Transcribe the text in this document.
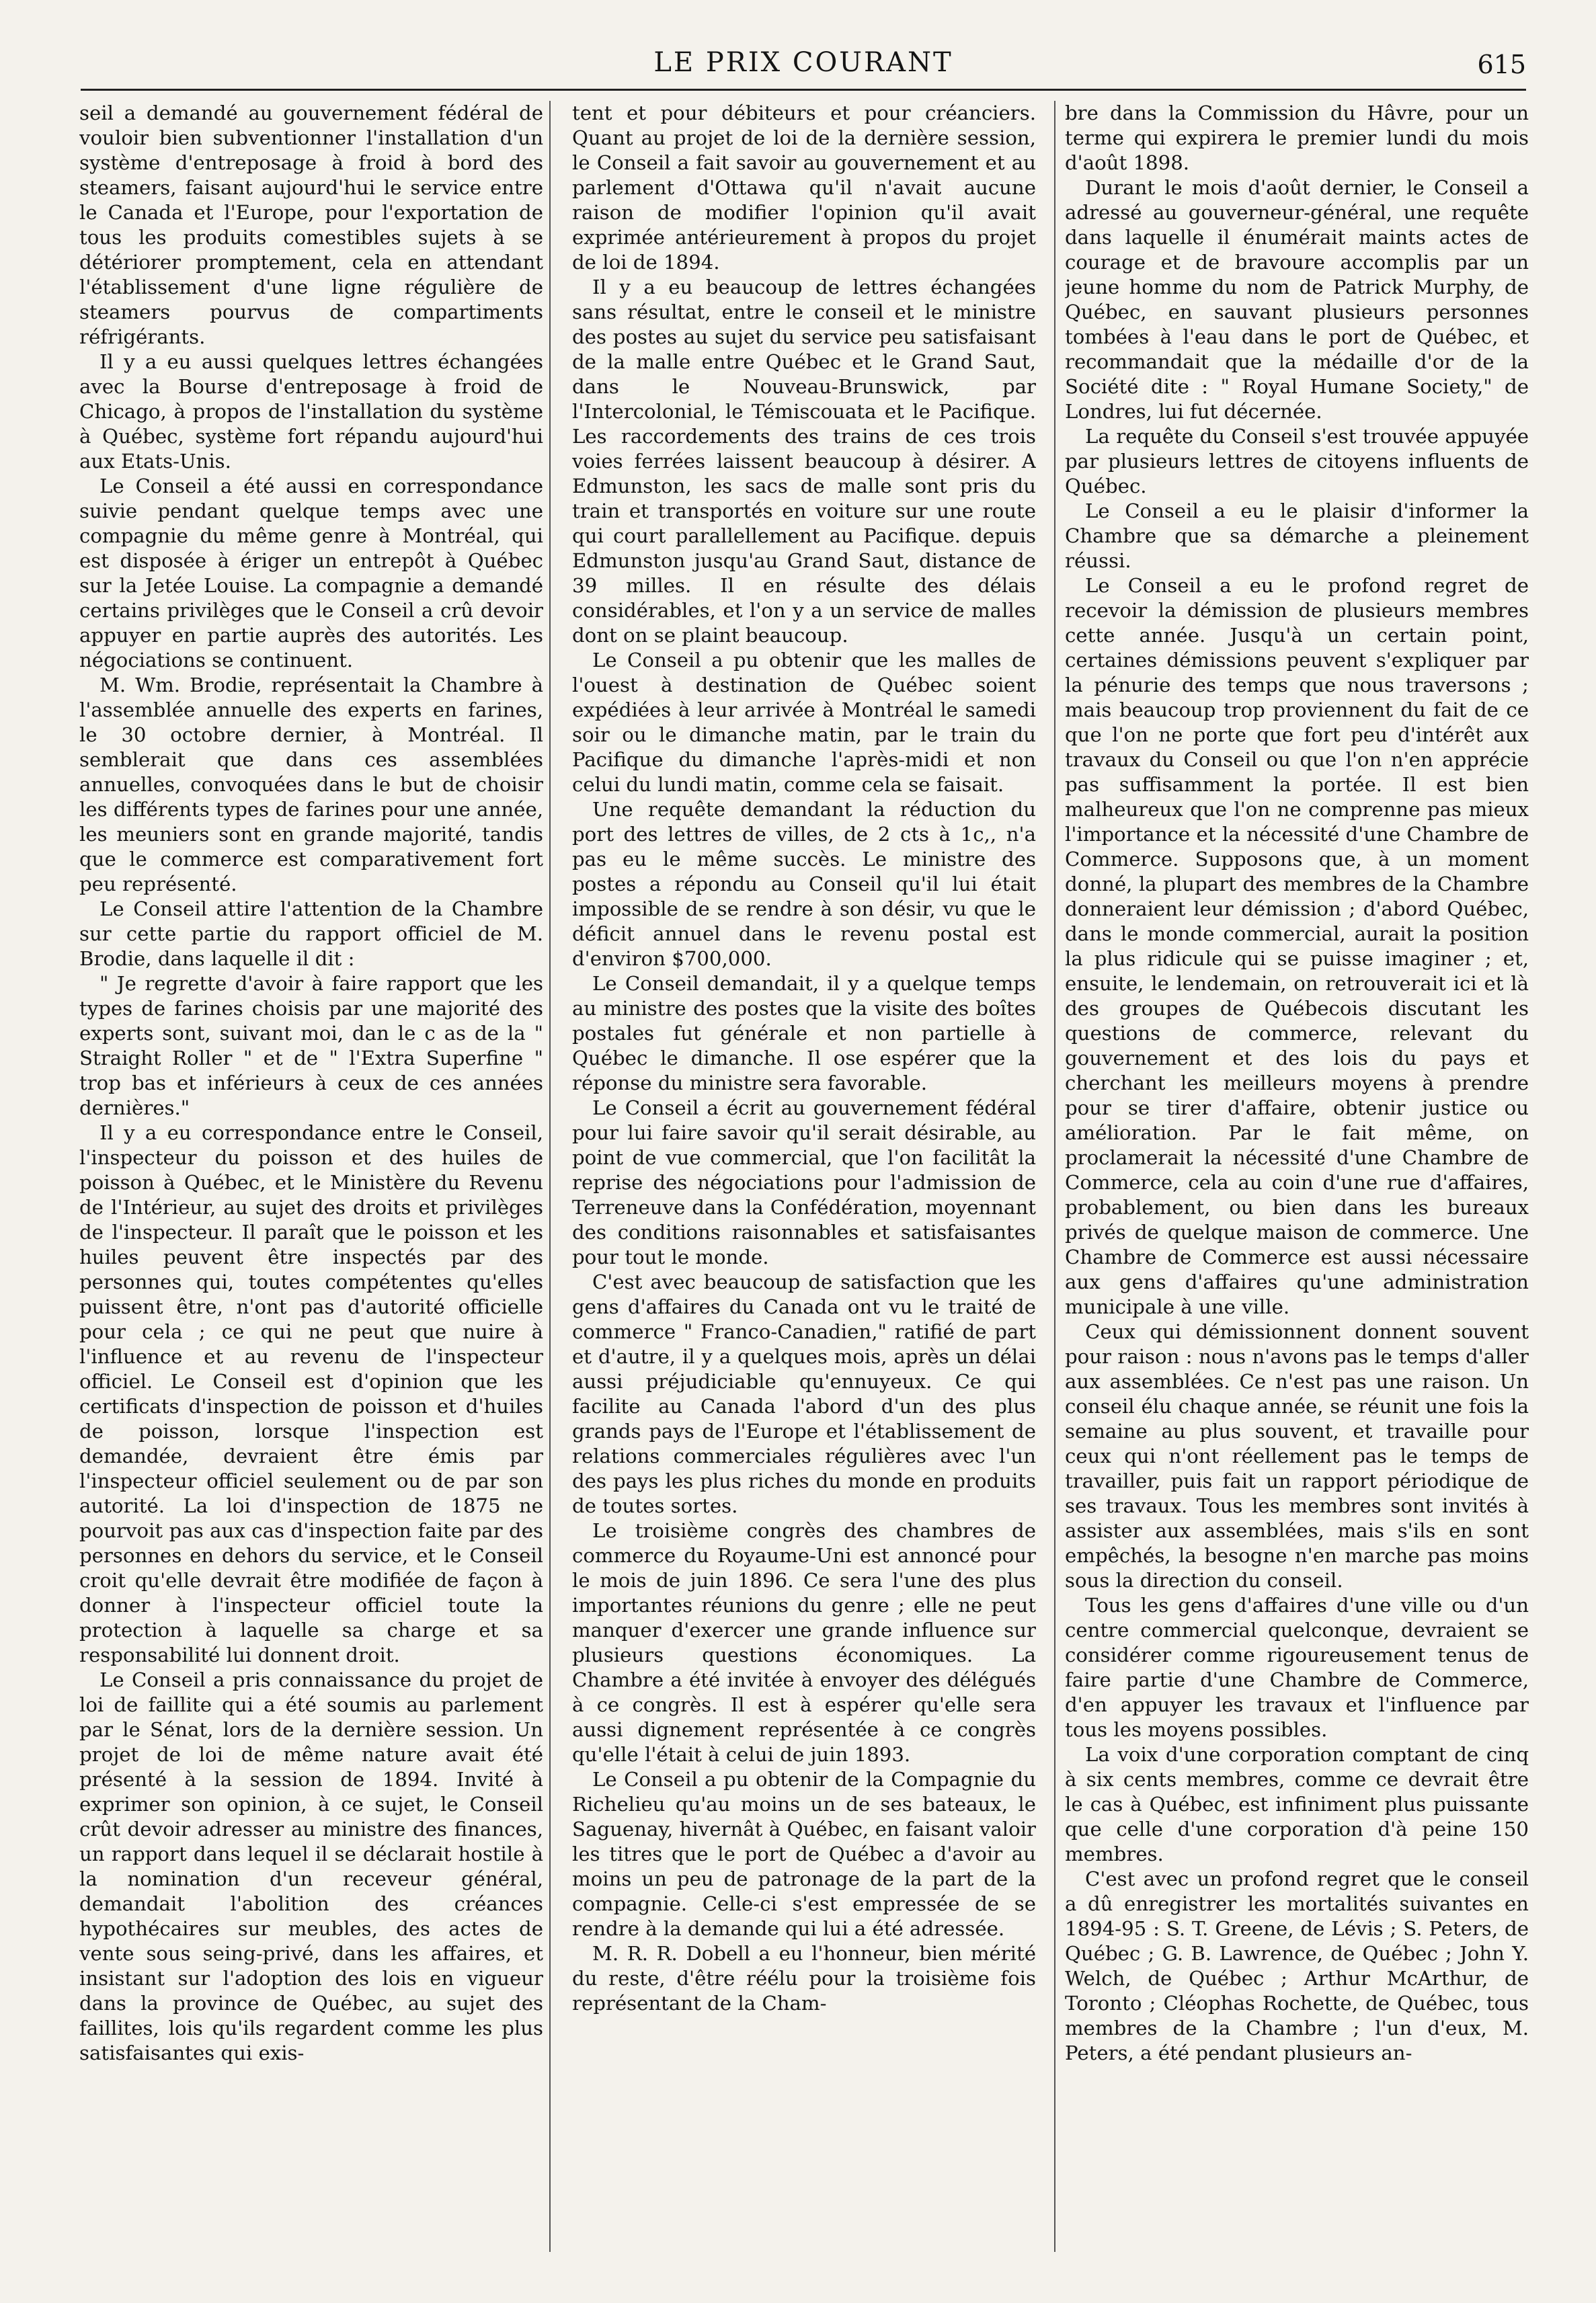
LE PRIX COURANT	615

seil a demandé au gouvernement fédéral de vouloir bien subventionner l'installation d'un système d'entreposage à froid à bord des steamers, faisant aujourd'hui le service entre le Canada et l'Europe, pour l'exportation de tous les produits comestibles sujets à se détériorer promptement, cela en attendant l'établissement d'une ligne régulière de steamers pourvus de compartiments réfrigérants.

Il y a eu aussi quelques lettres échangées avec la Bourse d'entreposage à froid de Chicago, à propos de l'installation du système à Québec, système fort répandu aujourd'hui aux Etats-Unis.

Le Conseil a été aussi en correspondance suivie pendant quelque temps avec une compagnie du même genre à Montréal, qui est disposée à ériger un entrepôt à Québec sur la Jetée Louise. La compagnie a demandé certains privilèges que le Conseil a crû devoir appuyer en partie auprès des autorités. Les négociations se continuent.

M. Wm. Brodie, représentait la Chambre à l'assemblée annuelle des experts en farines, le 30 octobre dernier, à Montréal. Il semblerait que dans ces assemblées annuelles, convoquées dans le but de choisir les différents types de farines pour une année, les meuniers sont en grande majorité, tandis que le commerce est comparativement fort peu représenté.

Le Conseil attire l'attention de la Chambre sur cette partie du rapport officiel de M. Brodie, dans laquelle il dit :

" Je regrette d'avoir à faire rapport que les types de farines choisis par une majorité des experts sont, suivant moi, dan le c as de la " Straight Roller " et de " l'Extra Superfine " trop bas et inférieurs à ceux de ces années dernières."

Il y a eu correspondance entre le Conseil, l'inspecteur du poisson et des huiles de poisson à Québec, et le Ministère du Revenu de l'Intérieur, au sujet des droits et privilèges de l'inspecteur. Il paraît que le poisson et les huiles peuvent être inspectés par des personnes qui, toutes compétentes qu'elles puissent être, n'ont pas d'autorité officielle pour cela ; ce qui ne peut que nuire à l'influence et au revenu de l'inspecteur officiel. Le Conseil est d'opinion que les certificats d'inspection de poisson et d'huiles de poisson, lorsque l'inspection est demandée, devraient être émis par l'inspecteur officiel seulement ou de par son autorité. La loi d'inspection de 1875 ne pourvoit pas aux cas d'inspection faite par des personnes en dehors du service, et le Conseil croit qu'elle devrait être modifiée de façon à donner à l'inspecteur officiel toute la protection à laquelle sa charge et sa responsabilité lui donnent droit.

Le Conseil a pris connaissance du projet de loi de faillite qui a été soumis au parlement par le Sénat, lors de la dernière session. Un projet de loi de même nature avait été présenté à la session de 1894. Invité à exprimer son opinion, à ce sujet, le Conseil crût devoir adresser au ministre des finances, un rapport dans lequel il se déclarait hostile à la nomination d'un receveur général, demandait l'abolition des créances hypothécaires sur meubles, des actes de vente sous seing-privé, dans les affaires, et insistant sur l'adoption des lois en vigueur dans la province de Québec, au sujet des faillites, lois qu'ils regardent comme les plus satisfaisantes qui exis-

tent et pour débiteurs et pour créanciers. Quant au projet de loi de la dernière session, le Conseil a fait savoir au gouvernement et au parlement d'Ottawa qu'il n'avait aucune raison de modifier l'opinion qu'il avait exprimée antérieurement à propos du projet de loi de 1894.

Il y a eu beaucoup de lettres échangées sans résultat, entre le conseil et le ministre des postes au sujet du service peu satisfaisant de la malle entre Québec et le Grand Saut, dans le Nouveau-Brunswick, par l'Intercolonial, le Témiscouata et le Pacifique. Les raccordements des trains de ces trois voies ferrées laissent beaucoup à désirer. A Edmunston, les sacs de malle sont pris du train et transportés en voiture sur une route qui court parallellement au Pacifique. depuis Edmunston jusqu'au Grand Saut, distance de 39 milles. Il en résulte des délais considérables, et l'on y a un service de malles dont on se plaint beaucoup.

Le Conseil a pu obtenir que les malles de l'ouest à destination de Québec soient expédiées à leur arrivée à Montréal le samedi soir ou le dimanche matin, par le train du Pacifique du dimanche l'après-midi et non celui du lundi matin, comme cela se faisait.

Une requête demandant la réduction du port des lettres de villes, de 2 cts à 1c,, n'a pas eu le même succès. Le ministre des postes a répondu au Conseil qu'il lui était impossible de se rendre à son désir, vu que le déficit annuel dans le revenu postal est d'environ $700,000.

Le Conseil demandait, il y a quelque temps au ministre des postes que la visite des boîtes postales fut générale et non partielle à Québec le dimanche. Il ose espérer que la réponse du ministre sera favorable.

Le Conseil a écrit au gouvernement fédéral pour lui faire savoir qu'il serait désirable, au point de vue commercial, que l'on facilitât la reprise des négociations pour l'admission de Terreneuve dans la Confédération, moyennant des conditions raisonnables et satisfaisantes pour tout le monde.

C'est avec beaucoup de satisfaction que les gens d'affaires du Canada ont vu le traité de commerce " Franco-Canadien," ratifié de part et d'autre, il y a quelques mois, après un délai aussi préjudiciable qu'ennuyeux. Ce qui facilite au Canada l'abord d'un des plus grands pays de l'Europe et l'établissement de relations commerciales régulières avec l'un des pays les plus riches du monde en produits de toutes sortes.

Le troisième congrès des chambres de commerce du Royaume-Uni est annoncé pour le mois de juin 1896. Ce sera l'une des plus importantes réunions du genre ; elle ne peut manquer d'exercer une grande influence sur plusieurs questions économiques. La Chambre a été invitée à envoyer des délégués à ce congrès. Il est à espérer qu'elle sera aussi dignement représentée à ce congrès qu'elle l'était à celui de juin 1893.

Le Conseil a pu obtenir de la Compagnie du Richelieu qu'au moins un de ses bateaux, le Saguenay, hivernât à Québec, en faisant valoir les titres que le port de Québec a d'avoir au moins un peu de patronage de la part de la compagnie. Celle-ci s'est empressée de se rendre à la demande qui lui a été adressée.

M. R. R. Dobell a eu l'honneur, bien mérité du reste, d'être réélu pour la troisième fois représentant de la Cham-

bre dans la Commission du Hâvre, pour un terme qui expirera le premier lundi du mois d'août 1898.

Durant le mois d'août dernier, le Conseil a adressé au gouverneur-général, une requête dans laquelle il énumérait maints actes de courage et de bravoure accomplis par un jeune homme du nom de Patrick Murphy, de Québec, en sauvant plusieurs personnes tombées à l'eau dans le port de Québec, et recommandait que la médaille d'or de la Société dite : " Royal Humane Society," de Londres, lui fut décernée.

La requête du Conseil s'est trouvée appuyée par plusieurs lettres de citoyens influents de Québec.

Le Conseil a eu le plaisir d'informer la Chambre que sa démarche a pleinement réussi.

Le Conseil a eu le profond regret de recevoir la démission de plusieurs membres cette année. Jusqu'à un certain point, certaines démissions peuvent s'expliquer par la pénurie des temps que nous traversons ; mais beaucoup trop proviennent du fait de ce que l'on ne porte que fort peu d'intérêt aux travaux du Conseil ou que l'on n'en apprécie pas suffisamment la portée. Il est bien malheureux que l'on ne comprenne pas mieux l'importance et la nécessité d'une Chambre de Commerce. Supposons que, à un moment donné, la plupart des membres de la Chambre donneraient leur démission ; d'abord Québec, dans le monde commercial, aurait la position la plus ridicule qui se puisse imaginer ; et, ensuite, le lendemain, on retrouverait ici et là des groupes de Québecois discutant les questions de commerce, relevant du gouvernement et des lois du pays et cherchant les meilleurs moyens à prendre pour se tirer d'affaire, obtenir justice ou amélioration. Par le fait même, on proclamerait la nécessité d'une Chambre de Commerce, cela au coin d'une rue d'affaires, probablement, ou bien dans les bureaux privés de quelque maison de commerce. Une Chambre de Commerce est aussi nécessaire aux gens d'affaires qu'une administration municipale à une ville.

Ceux qui démissionnent donnent souvent pour raison : nous n'avons pas le temps d'aller aux assemblées. Ce n'est pas une raison. Un conseil élu chaque année, se réunit une fois la semaine au plus souvent, et travaille pour ceux qui n'ont réellement pas le temps de travailler, puis fait un rapport périodique de ses travaux. Tous les membres sont invités à assister aux assemblées, mais s'ils en sont empêchés, la besogne n'en marche pas moins sous la direction du conseil.

Tous les gens d'affaires d'une ville ou d'un centre commercial quelconque, devraient se considérer comme rigoureusement tenus de faire partie d'une Chambre de Commerce, d'en appuyer les travaux et l'influence par tous les moyens possibles.

La voix d'une corporation comptant de cinq à six cents membres, comme ce devrait être le cas à Québec, est infiniment plus puissante que celle d'une corporation d'à peine 150 membres.

C'est avec un profond regret que le conseil a dû enregistrer les mortalités suivantes en 1894-95 : S. T. Greene, de Lévis ; S. Peters, de Québec ; G. B. Lawrence, de Québec ; John Y. Welch, de Québec ; Arthur McArthur, de Toronto ; Cléophas Rochette, de Québec, tous membres de la Chambre ; l'un d'eux, M. Peters, a été pendant plusieurs an-
